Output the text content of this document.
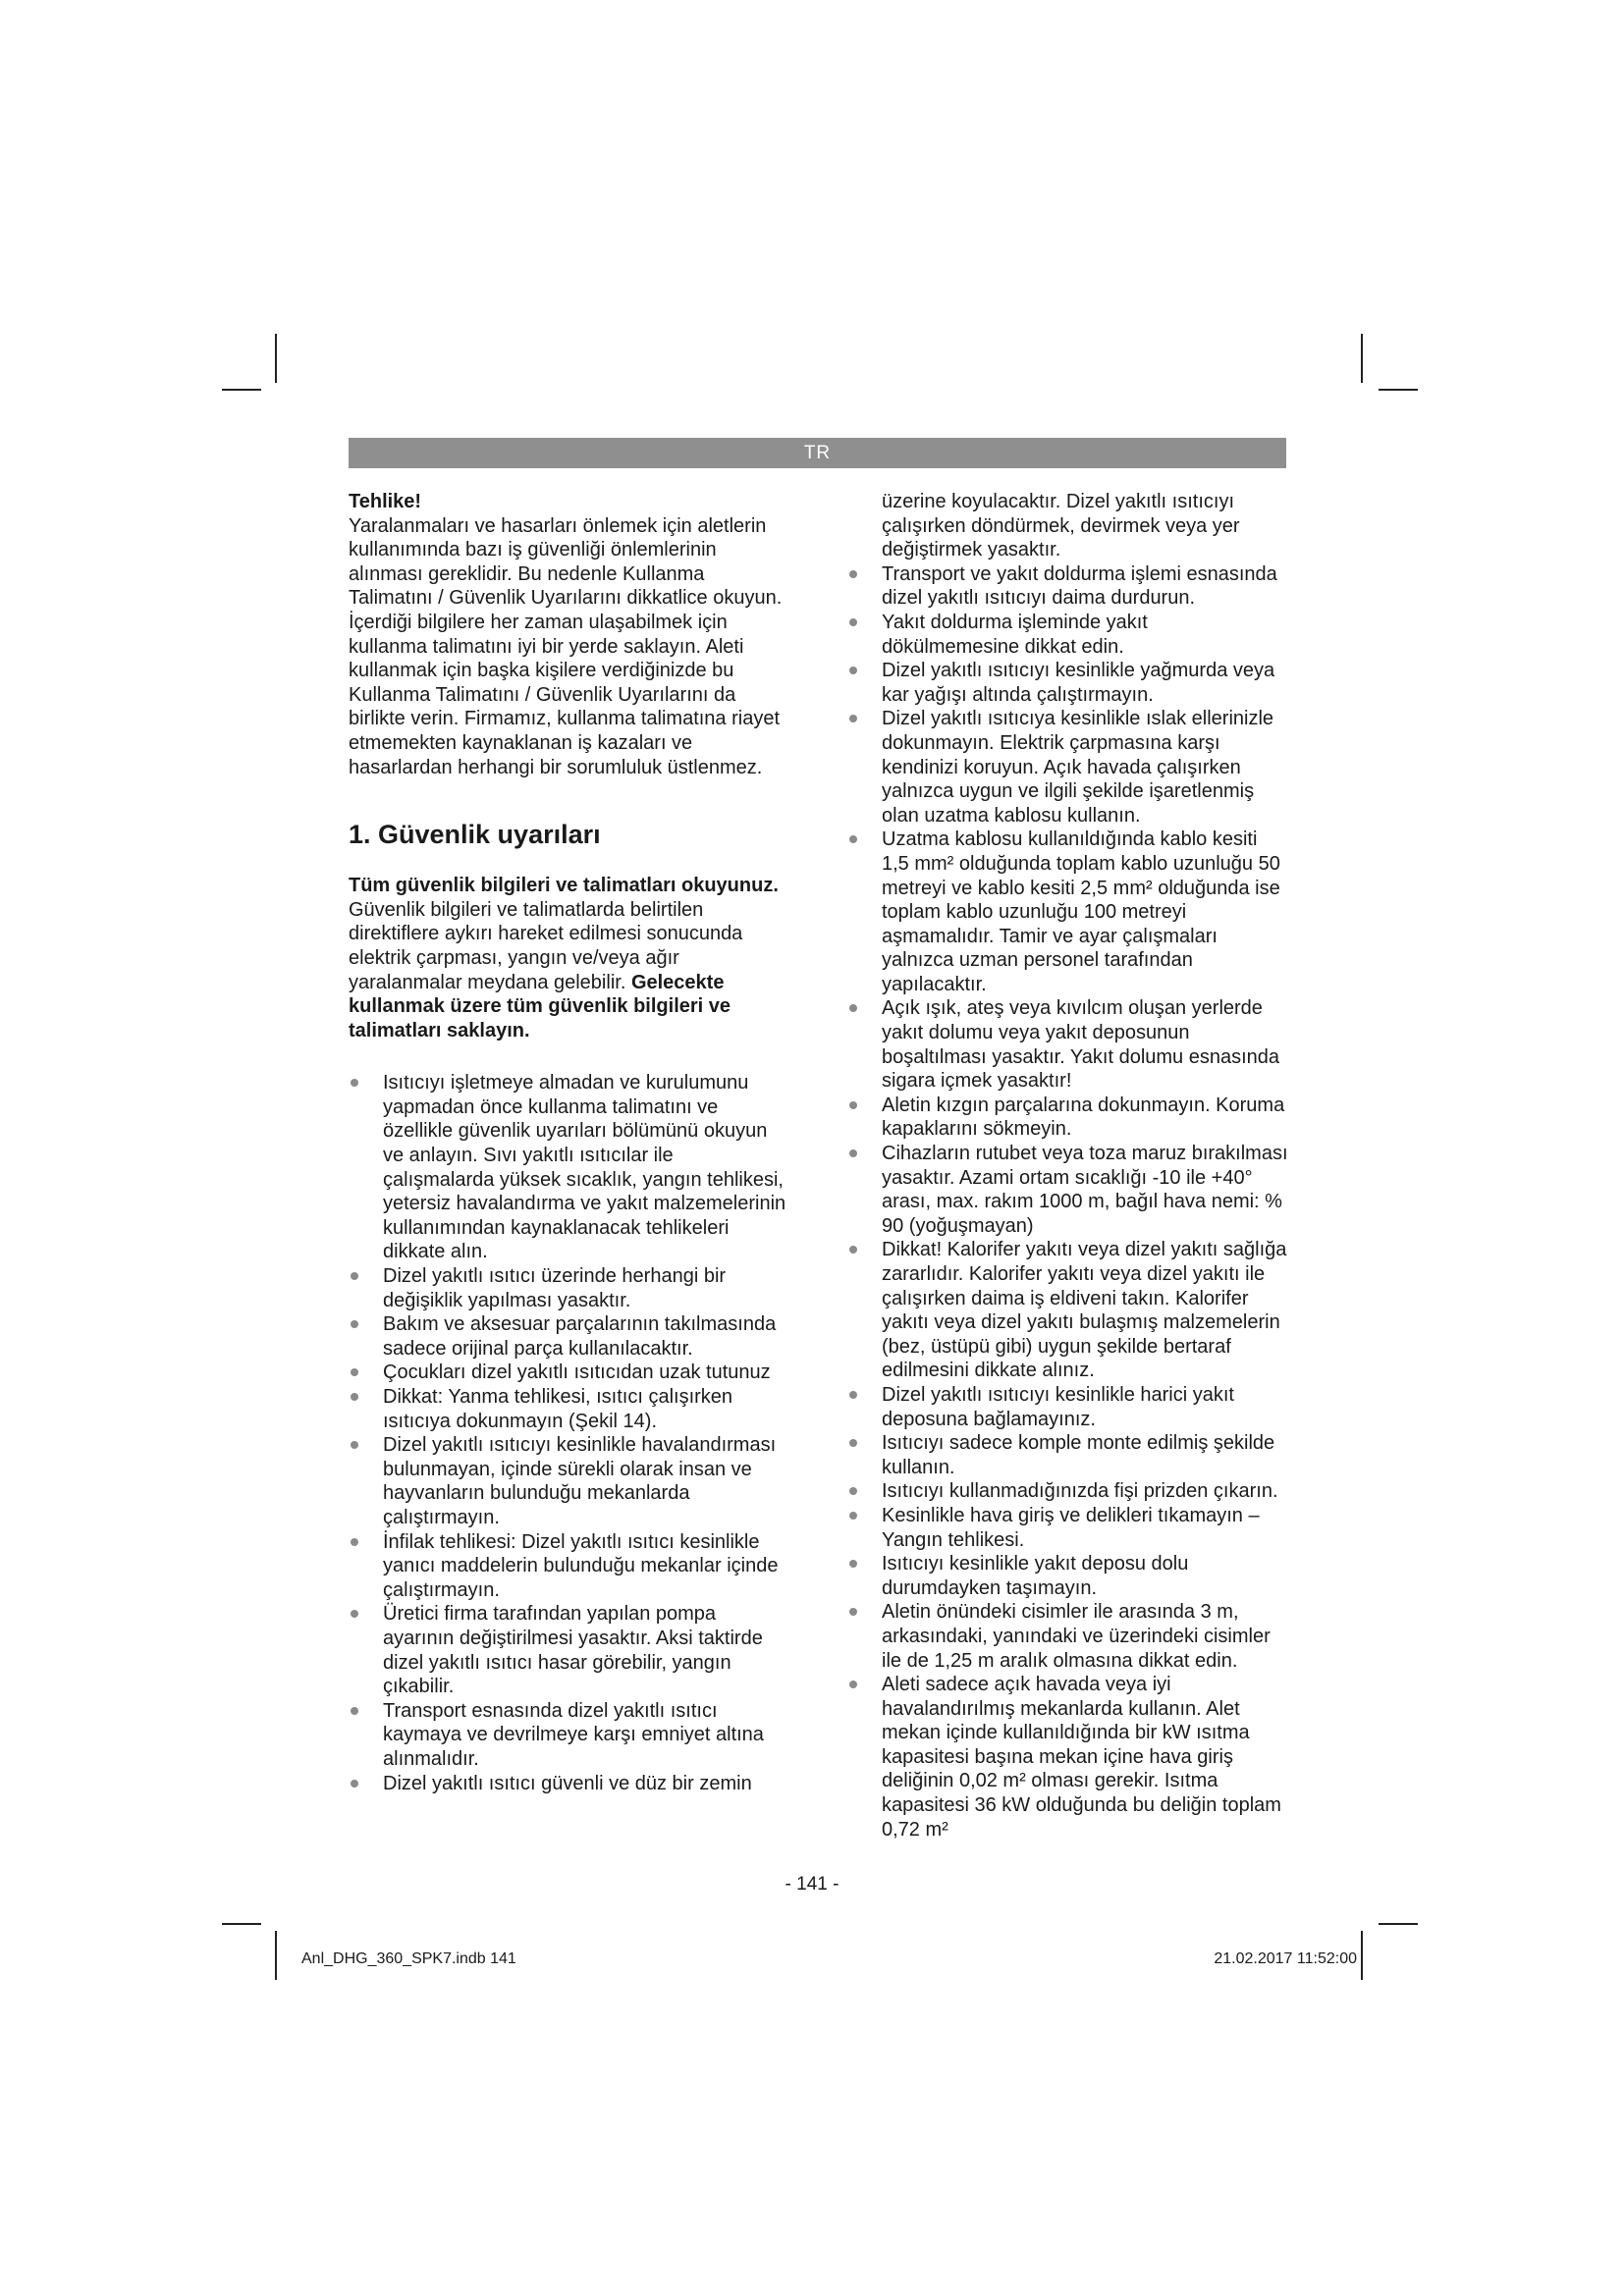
TR

Tehlike!

Yaralanmaları ve hasarları önlemek için aletlerin kullanımında bazı iş güvenliği önlemlerinin alınması gereklidir. Bu nedenle Kullanma Talimatını / Güvenlik Uyarılarını dikkatlice okuyun. İçerdiği bilgilere her zaman ulaşabilmek için kullanma talimatını iyi bir yerde saklayın. Aleti kullanmak için başka kişilere verdiğinizde bu Kullanma Talimatını / Güvenlik Uyarılarını da birlikte verin. Firmamız, kullanma talimatına riayet etmemekten kaynaklanan iş kazaları ve hasarlardan herhangi bir sorumluluk üstlenmez.

1. Güvenlik uyarıları

Tüm güvenlik bilgileri ve talimatları okuyunuz. Güvenlik bilgileri ve talimatlarda belirtilen direktiflere aykırı hareket edilmesi sonucunda elektrik çarpması, yangın ve/veya ağır yaralanmalar meydana gelebilir. Gelecekte kullanmak üzere tüm güvenlik bilgileri ve talimatları saklayın.

Isıtıcıyı işletmeye almadan ve kurulumunu yapmadan önce kullanma talimatını ve özellikle güvenlik uyarıları bölümünü okuyun ve anlayın. Sıvı yakıtlı ısıtıcılar ile çalışmalarda yüksek sıcaklık, yangın tehlikesi, yetersiz havalandırma ve yakıt malzemelerinin kullanımından kaynaklanacak tehlikeleri dikkate alın.
Dizel yakıtlı ısıtıcı üzerinde herhangi bir değişiklik yapılması yasaktır.
Bakım ve aksesuar parçalarının takılmasında sadece orijinal parça kullanılacaktır.
Çocukları dizel yakıtlı ısıtıcıdan uzak tutunuz
Dikkat: Yanma tehlikesi, ısıtıcı çalışırken ısıtıcıya dokunmayın (Şekil 14).
Dizel yakıtlı ısıtıcıyı kesinlikle havalandırması bulunmayan, içinde sürekli olarak insan ve hayvanların bulunduğu mekanlarda çalıştırmayın.
İnfilak tehlikesi: Dizel yakıtlı ısıtıcı kesinlikle yanıcı maddelerin bulunduğu mekanlar içinde çalıştırmayın.
Üretici firma tarafından yapılan pompa ayarının değiştirilmesi yasaktır. Aksi taktirde dizel yakıtlı ısıtıcı hasar görebilir, yangın çıkabilir.
Transport esnasında dizel yakıtlı ısıtıcı kaymaya ve devrilmeye karşı emniyet altına alınmalıdır.
Dizel yakıtlı ısıtıcı güvenli ve düz bir zemin

üzerine koyulacaktır. Dizel yakıtlı ısıtıcıyı çalışırken döndürmek, devirmek veya yer değiştirmek yasaktır.

Transport ve yakıt doldurma işlemi esnasında dizel yakıtlı ısıtıcıyı daima durdurun.
Yakıt doldurma işleminde yakıt dökülmemesine dikkat edin.
Dizel yakıtlı ısıtıcıyı kesinlikle yağmurda veya kar yağışı altında çalıştırmayın.
Dizel yakıtlı ısıtıcıya kesinlikle ıslak ellerinizle dokunmayın. Elektrik çarpmasına karşı kendinizi koruyun. Açık havada çalışırken yalnızca uygun ve ilgili şekilde işaretlenmiş olan uzatma kablosu kullanın.
Uzatma kablosu kullanıldığında kablo kesiti 1,5 mm² olduğunda toplam kablo uzunluğu 50 metreyi ve kablo kesiti 2,5 mm² olduğunda ise toplam kablo uzunluğu 100 metreyi aşmamalıdır. Tamir ve ayar çalışmaları yalnızca uzman personel tarafından yapılacaktır.
Açık ışık, ateş veya kıvılcım oluşan yerlerde yakıt dolumu veya yakıt deposunun boşaltılması yasaktır. Yakıt dolumu esnasında sigara içmek yasaktır!
Aletin kızgın parçalarına dokunmayın. Koruma kapaklarını sökmeyin.
Cihazların rutubet veya toza maruz bırakılması yasaktır. Azami ortam sıcaklığı -10 ile +40° arası, max. rakım 1000 m, bağıl hava nemi: % 90 (yoğuşmayan)
Dikkat! Kalorifer yakıtı veya dizel yakıtı sağlığa zararlıdır. Kalorifer yakıtı veya dizel yakıtı ile çalışırken daima iş eldiveni takın. Kalorifer yakıtı veya dizel yakıtı bulaşmış malzemelerin (bez, üstüpü gibi) uygun şekilde bertaraf edilmesini dikkate alınız.
Dizel yakıtlı ısıtıcıyı kesinlikle harici yakıt deposuna bağlamayınız.
Isıtıcıyı sadece komple monte edilmiş şekilde kullanın.
Isıtıcıyı kullanmadığınızda fişi prizden çıkarın.
Kesinlikle hava giriş ve delikleri tıkamayın – Yangın tehlikesi.
Isıtıcıyı kesinlikle yakıt deposu dolu durumdayken taşımayın.
Aletin önündeki cisimler ile arasında 3 m, arkasındaki, yanındaki ve üzerindeki cisimler ile de 1,25 m aralık olmasına dikkat edin.
Aleti sadece açık havada veya iyi havalandırılmış mekanlarda kullanın. Alet mekan içinde kullanıldığında bir kW ısıtma kapasitesi başına mekan içine hava giriş deliğinin 0,02 m² olması gerekir. Isıtma kapasitesi 36 kW olduğunda bu deliğin toplam 0,72 m²
- 141 -
Anl_DHG_360_SPK7.indb 141	21.02.2017 11:52:00
